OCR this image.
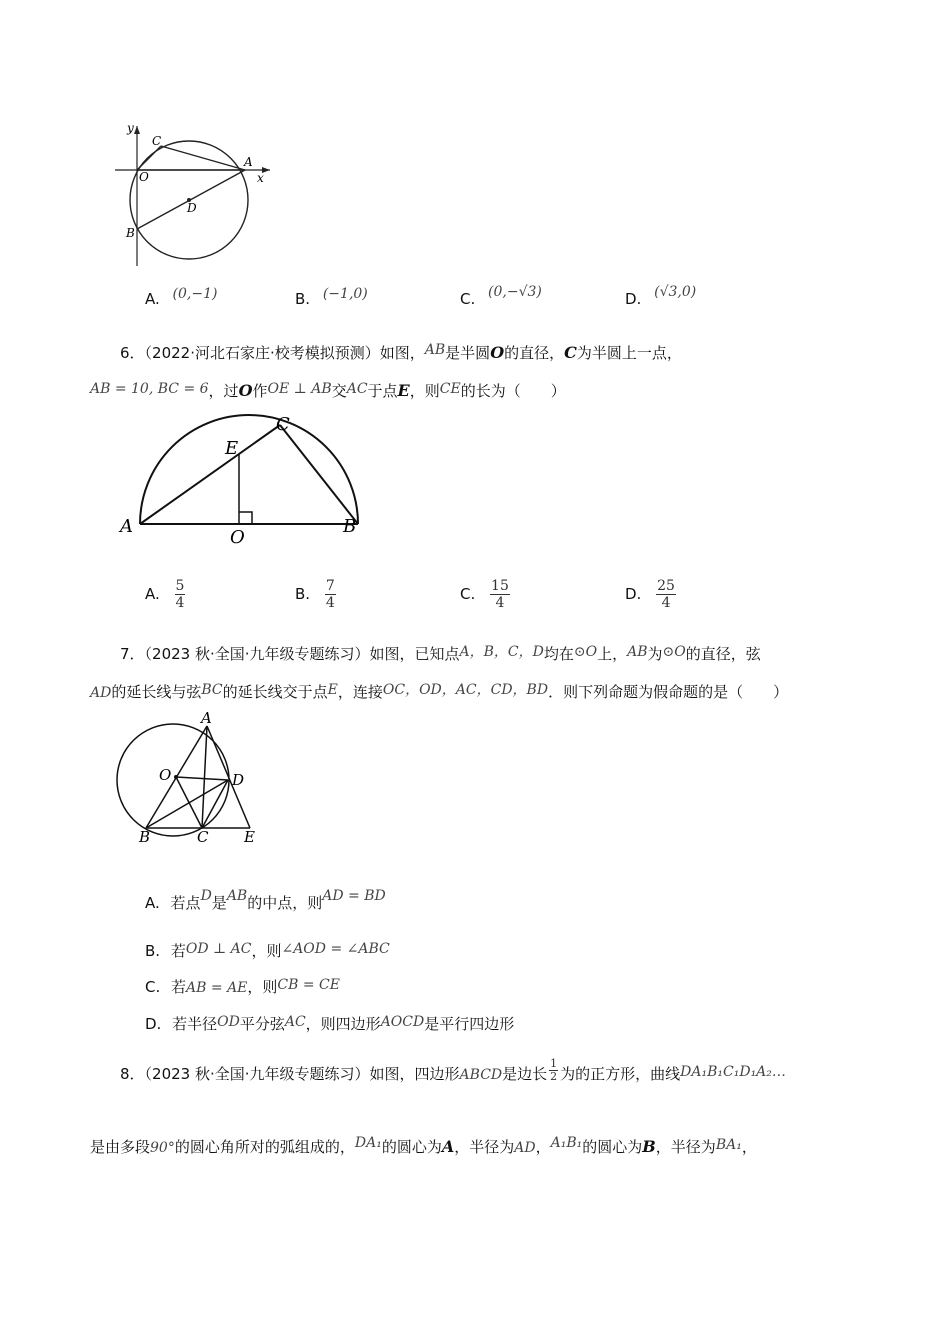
y
C
A
x
O
D
B
A. (0,−1)	B. (−1,0)	C. (0,−√3)	D. (√3,0)
6．（2022·河北石家庄·校考模拟预测）如图，AB是半圆O的直径，C为半圆上一点，
AB = 10, BC = 6，过O作OE ⊥ AB交AC于点E，则CE的长为（　　）
A
O
B
C
E
A. $\frac{5}{4}$	B. $\frac{7}{4}$	C. $\frac{15}{4}$	D. $\frac{25}{4}$
7．（2023 秋·全国·九年级专题练习）如图，已知点A，B，C，D均在⊙O上，AB为⊙O的直径，弦
AD的延长线与弦BC的延长线交于点E，连接OC，OD，AC，CD，BD．则下列命题为假命题的是（　　）
A
O	D
B	C E
A. 若点D是AB的中点，则AD = BD
B. 若OD ⊥ AC，则∠AOD = ∠ABC
C. 若AB = AE，则CB = CE
D. 若半径OD平分弦AC，则四边形AOCD是平行四边形
8．（2023 秋·全国·九年级专题练习）如图，四边形ABCD是边长 $\frac{1}{2}$ 为的正方形，曲线DA₁B₁C₁D₁A₂…
是由多段90°的圆心角所对的弧组成的，DA₁的圆心为A，半径为AD，A₁B₁的圆心为B，半径为BA₁，
